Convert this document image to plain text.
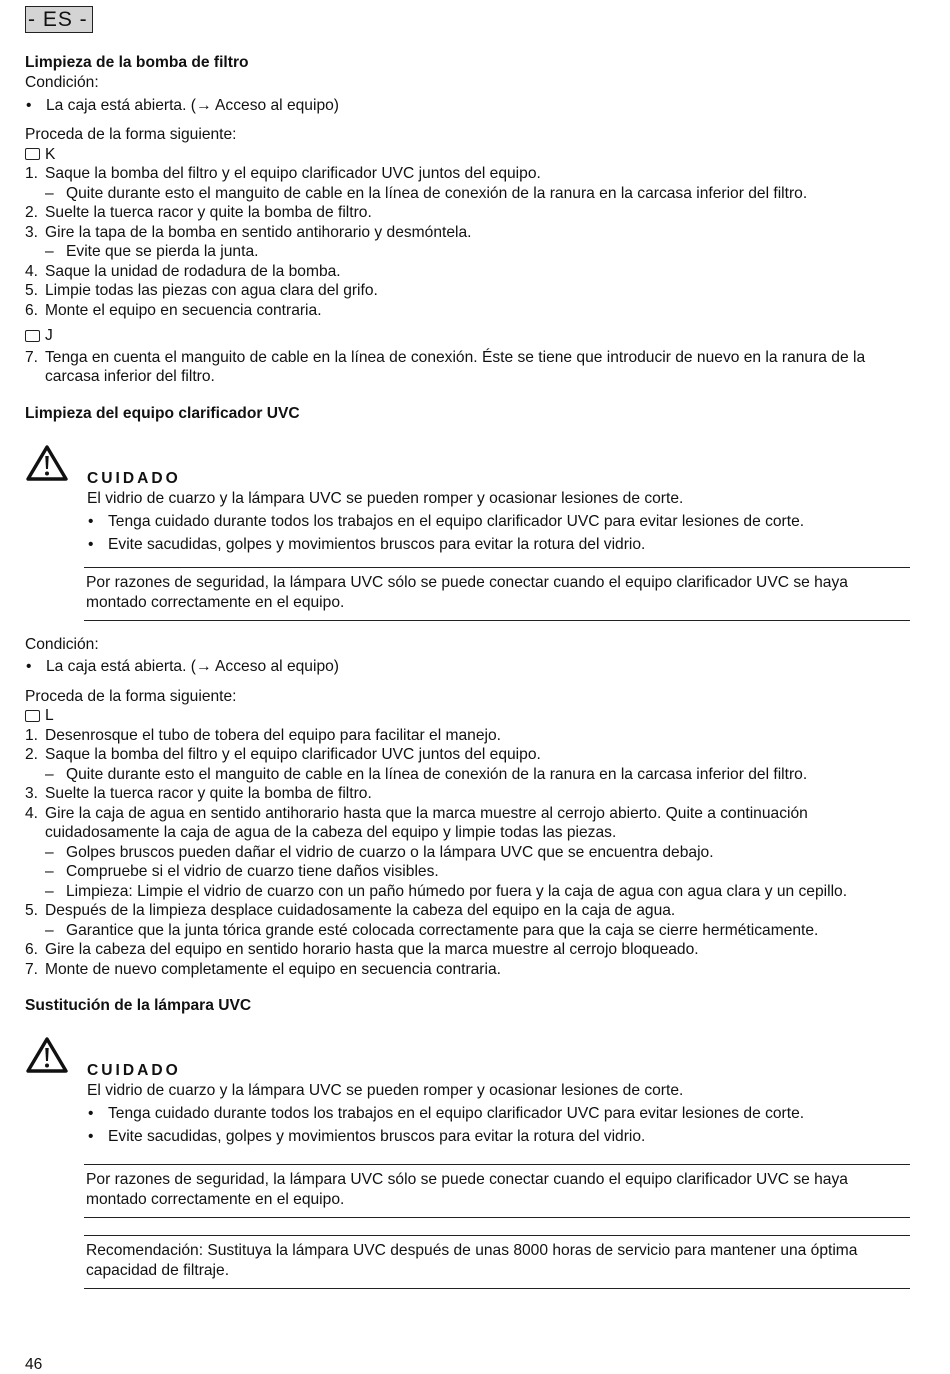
- ES -
Limpieza de la bomba de filtro

Condición:

• La caja está abierta. (→ Acceso al equipo)

Proceda de la forma siguiente:

K
1. Saque la bomba del filtro y el equipo clarificador UVC juntos del equipo.
– Quite durante esto el manguito de cable en la línea de conexión de la ranura en la carcasa inferior del filtro.
2. Suelte la tuerca racor y quite la bomba de filtro.
3. Gire la tapa de la bomba en sentido antihorario y desmóntela.
– Evite que se pierda la junta.
4. Saque la unidad de rodadura de la bomba.
5. Limpie todas las piezas con agua clara del grifo.
6. Monte el equipo en secuencia contraria.
J
7. Tenga en cuenta el manguito de cable en la línea de conexión. Éste se tiene que introducir de nuevo en la ranura de la carcasa inferior del filtro.
Limpieza del equipo clarificador UVC
CUIDADO
El vidrio de cuarzo y la lámpara UVC se pueden romper y ocasionar lesiones de corte.
• Tenga cuidado durante todos los trabajos en el equipo clarificador UVC para evitar lesiones de corte.
• Evite sacudidas, golpes y movimientos bruscos para evitar la rotura del vidrio.
Por razones de seguridad, la lámpara UVC sólo se puede conectar cuando el equipo clarificador UVC se haya montado correctamente en el equipo.

Condición:

• La caja está abierta. (→ Acceso al equipo)

Proceda de la forma siguiente:

L
1. Desenrosque el tubo de tobera del equipo para facilitar el manejo.
2. Saque la bomba del filtro y el equipo clarificador UVC juntos del equipo.
– Quite durante esto el manguito de cable en la línea de conexión de la ranura en la carcasa inferior del filtro.
3. Suelte la tuerca racor y quite la bomba de filtro.
4. Gire la caja de agua en sentido antihorario hasta que la marca muestre al cerrojo abierto. Quite a continuación cuidadosamente la caja de agua de la cabeza del equipo y limpie todas las piezas.
– Golpes bruscos pueden dañar el vidrio de cuarzo o la lámpara UVC que se encuentra debajo.
– Compruebe si el vidrio de cuarzo tiene daños visibles.
– Limpieza: Limpie el vidrio de cuarzo con un paño húmedo por fuera y la caja de agua con agua clara y un cepillo.
5. Después de la limpieza desplace cuidadosamente la cabeza del equipo en la caja de agua.
– Garantice que la junta tórica grande esté colocada correctamente para que la caja se cierre herméticamente.
6. Gire la cabeza del equipo en sentido horario hasta que la marca muestre al cerrojo bloqueado.
7. Monte de nuevo completamente el equipo en secuencia contraria.
Sustitución de la lámpara UVC
CUIDADO
El vidrio de cuarzo y la lámpara UVC se pueden romper y ocasionar lesiones de corte.
• Tenga cuidado durante todos los trabajos en el equipo clarificador UVC para evitar lesiones de corte.
• Evite sacudidas, golpes y movimientos bruscos para evitar la rotura del vidrio.
Por razones de seguridad, la lámpara UVC sólo se puede conectar cuando el equipo clarificador UVC se haya montado correctamente en el equipo.
Recomendación: Sustituya la lámpara UVC después de unas 8000 horas de servicio para mantener una óptima capacidad de filtraje.
46
